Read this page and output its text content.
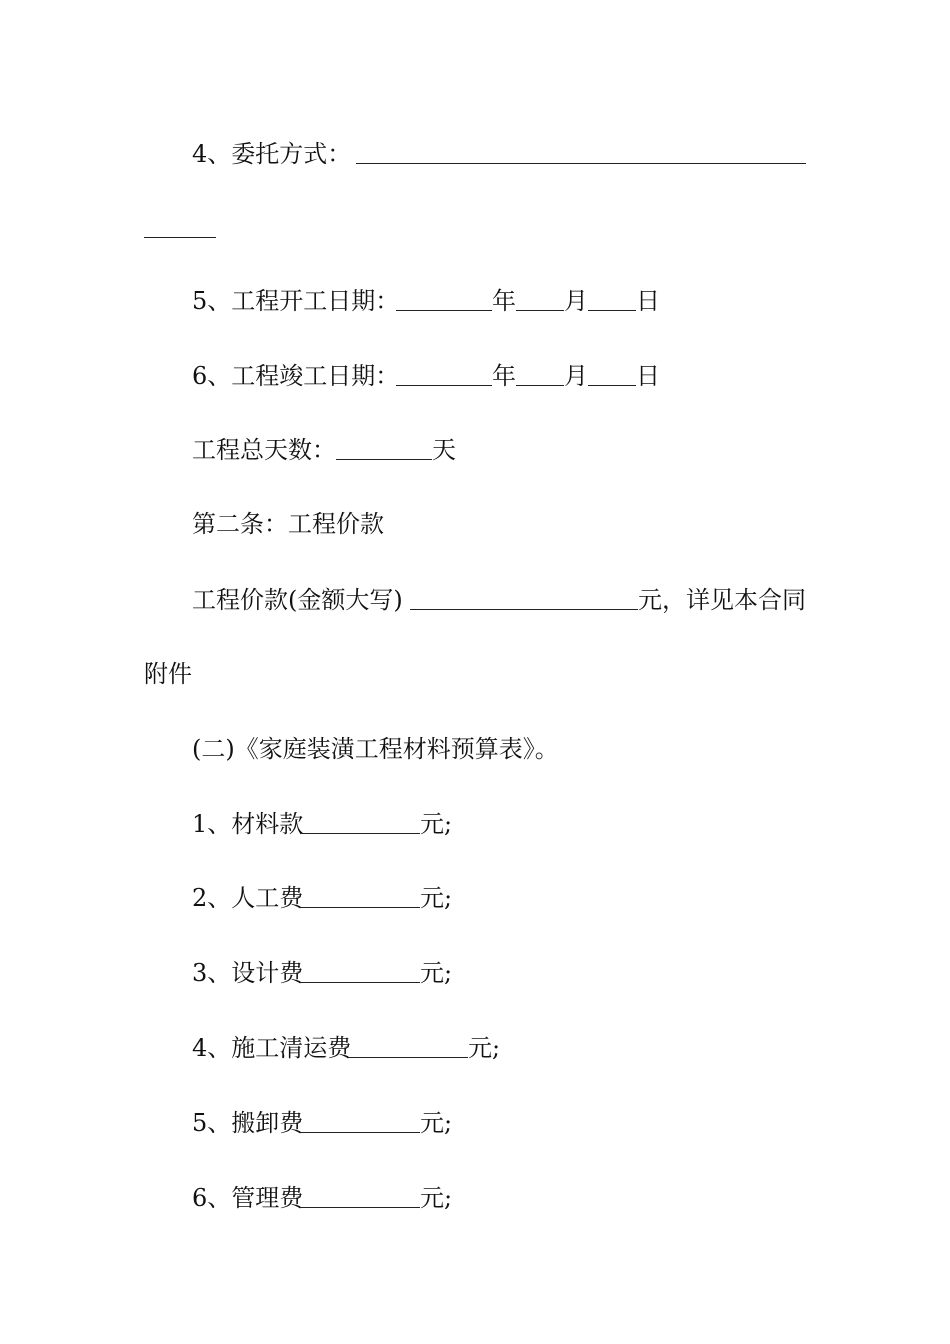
4、委托方式：
5、工程开工日期：	年 月 日
6、工程竣工日期：	年 月 日
工程总天数：	天
第二条：工程价款
工程价款(金额大写)	元，详见本合同
附件
(二)《家庭装潢工程材料预算表》。
1、材料款	元;
2、人工费	元;
3、设计费	元;
4、施工清运费	元;
5、搬卸费	元;
6、管理费	元;
